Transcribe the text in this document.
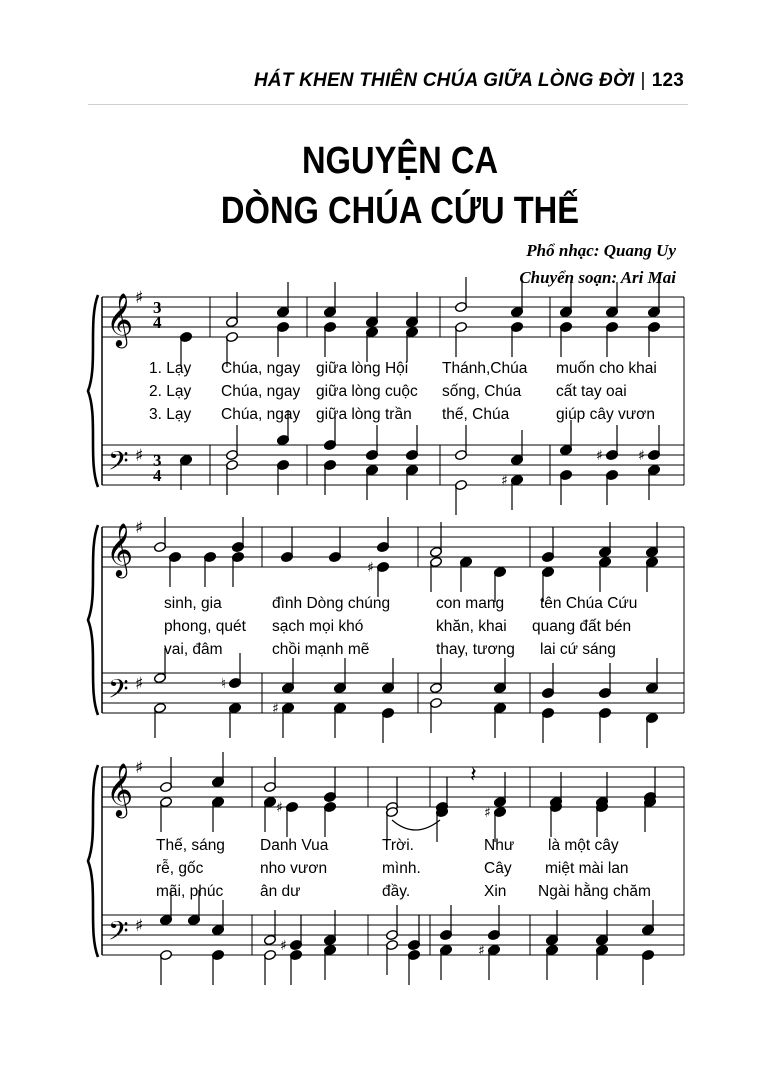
HÁT KHEN THIÊN CHÚA GIỮA LÒNG ĐỜI | 123
NGUYỆN CA
DÒNG CHÚA CỨU THẾ
Phổ nhạc: Quang Uy
Chuyển soạn: Ari Mai
𝄞
𝄢
♯
♯
𝄞
𝄢
♯
♯
𝄞
𝄢
♯
♯
♯
♯	♯
♯
♮
♯
♯	♯
♯	♯
𝄽
3
4
3
4
1. Lạy Chúa, ngay giữa lòng Hội Thánh,Chúa muốn cho khai
2. Lạy Chúa, ngay giữa lòng cuộc sống, Chúa cất tay oai
3. Lạy Chúa, ngay giữa lòng trần thế, Chúa	giúp cây vươn
sinh, gia	đình Dòng chúng	con mang tên Chúa Cứu
phong, quét sạch mọi khó	khăn, khai quang đất bén
vai, đâm	chồi mạnh mẽ	thay, tương lai cứ sáng
Thế, sáng Danh Vua	Trời.	Như là một cây
rễ, gốc	nho vươn	mình.	Cây miệt mài lan
mãi, phúc ân dư	đầy.	Xin Ngài hằng chăm
